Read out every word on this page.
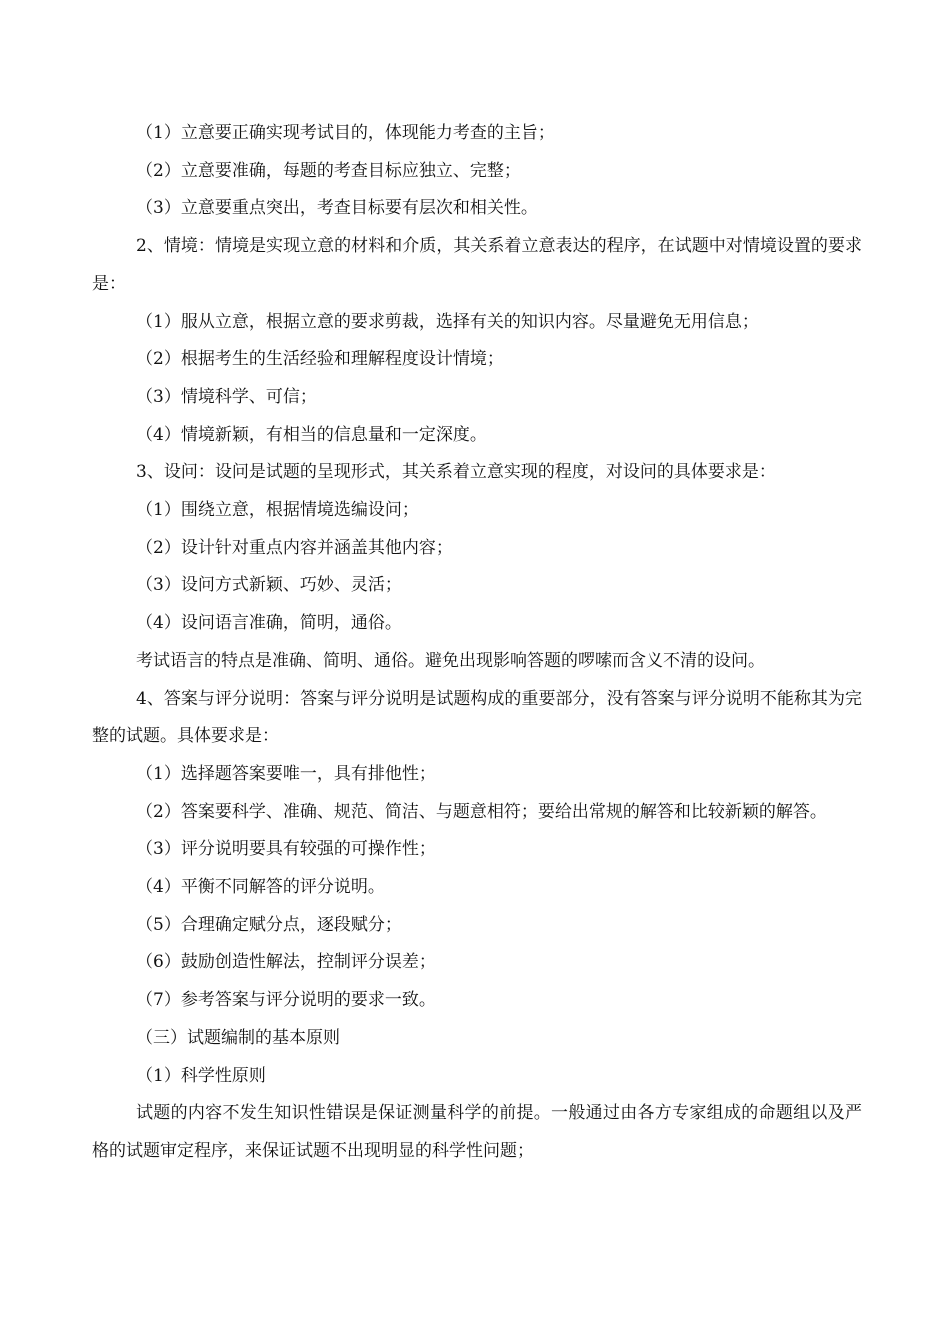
（1）立意要正确实现考试目的，体现能力考查的主旨；

（2）立意要准确，每题的考查目标应独立、完整；

（3）立意要重点突出，考查目标要有层次和相关性。

2、情境：情境是实现立意的材料和介质，其关系着立意表达的程序，在试题中对情境设置的要求是：

（1）服从立意，根据立意的要求剪裁，选择有关的知识内容。尽量避免无用信息；

（2）根据考生的生活经验和理解程度设计情境；

（3）情境科学、可信；

（4）情境新颖，有相当的信息量和一定深度。

3、设问：设问是试题的呈现形式，其关系着立意实现的程度，对设问的具体要求是：

（1）围绕立意，根据情境选编设问；

（2）设计针对重点内容并涵盖其他内容；

（3）设问方式新颖、巧妙、灵活；

（4）设问语言准确，简明，通俗。

考试语言的特点是准确、简明、通俗。避免出现影响答题的啰嗦而含义不清的设问。

4、答案与评分说明：答案与评分说明是试题构成的重要部分，没有答案与评分说明不能称其为完整的试题。具体要求是：

（1）选择题答案要唯一，具有排他性；

（2）答案要科学、准确、规范、简洁、与题意相符；要给出常规的解答和比较新颖的解答。

（3）评分说明要具有较强的可操作性；

（4）平衡不同解答的评分说明。

（5）合理确定赋分点，逐段赋分；

（6）鼓励创造性解法，控制评分误差；

（7）参考答案与评分说明的要求一致。

（三）试题编制的基本原则

（1）科学性原则

试题的内容不发生知识性错误是保证测量科学的前提。一般通过由各方专家组成的命题组以及严格的试题审定程序，来保证试题不出现明显的科学性问题；
